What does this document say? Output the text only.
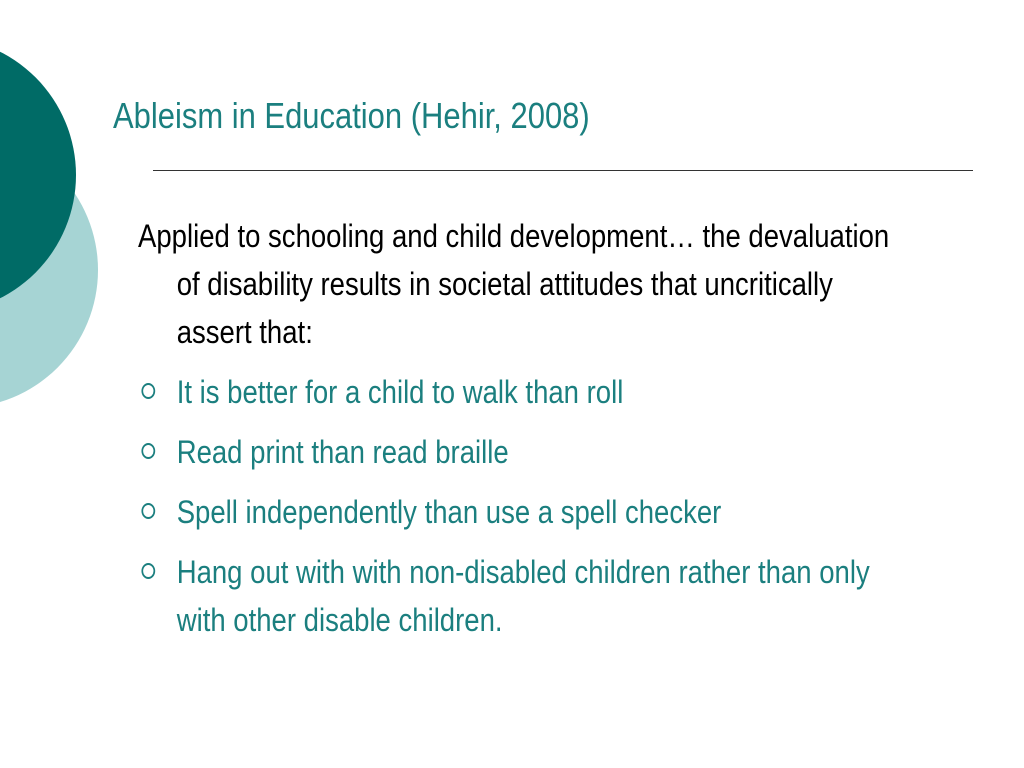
Ableism in Education (Hehir, 2008)

Applied to schooling and child development… the devaluation of disability results in societal attitudes that uncritically assert that:

It is better for a child to walk than roll
Read print than read braille
Spell independently than use a spell checker
Hang out with with non-disabled children rather than only with other disable children.
